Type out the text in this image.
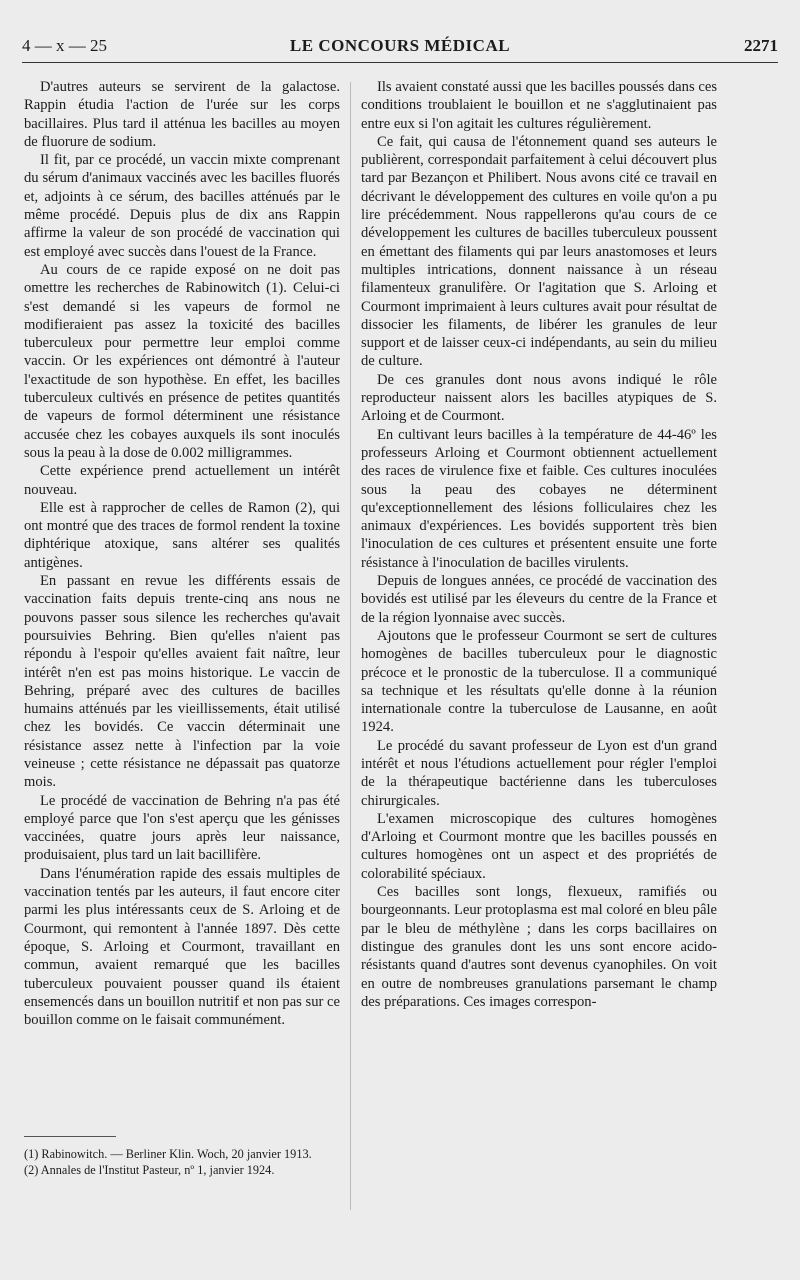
4 — x — 25	LE CONCOURS MÉDICAL	2271

D'autres auteurs se servirent de la galactose. Rappin étudia l'action de l'urée sur les corps bacillaires. Plus tard il atténua les bacilles au moyen de fluorure de sodium.

Il fit, par ce procédé, un vaccin mixte comprenant du sérum d'animaux vaccinés avec les bacilles fluorés et, adjoints à ce sérum, des bacilles atténués par le même procédé. Depuis plus de dix ans Rappin affirme la valeur de son procédé de vaccination qui est employé avec succès dans l'ouest de la France.

Au cours de ce rapide exposé on ne doit pas omettre les recherches de Rabinowitch (1). Celui-ci s'est demandé si les vapeurs de formol ne modifieraient pas assez la toxicité des bacilles tuberculeux pour permettre leur emploi comme vaccin. Or les expériences ont démontré à l'auteur l'exactitude de son hypothèse. En effet, les bacilles tuberculeux cultivés en présence de petites quantités de vapeurs de formol déterminent une résistance accusée chez les cobayes auxquels ils sont inoculés sous la peau à la dose de 0.002 milligrammes.

Cette expérience prend actuellement un intérêt nouveau.

Elle est à rapprocher de celles de Ramon (2), qui ont montré que des traces de formol rendent la toxine diphtérique atoxique, sans altérer ses qualités antigènes.

En passant en revue les différents essais de vaccination faits depuis trente-cinq ans nous ne pouvons passer sous silence les recherches qu'avait poursuivies Behring. Bien qu'elles n'aient pas répondu à l'espoir qu'elles avaient fait naître, leur intérêt n'en est pas moins historique. Le vaccin de Behring, préparé avec des cultures de bacilles humains atténués par les vieillissements, était utilisé chez les bovidés. Ce vaccin déterminait une résistance assez nette à l'infection par la voie veineuse ; cette résistance ne dépassait pas quatorze mois.

Le procédé de vaccination de Behring n'a pas été employé parce que l'on s'est aperçu que les génisses vaccinées, quatre jours après leur naissance, produisaient, plus tard un lait bacillifère.

Dans l'énumération rapide des essais multiples de vaccination tentés par les auteurs, il faut encore citer parmi les plus intéressants ceux de S. Arloing et de Courmont, qui remontent à l'année 1897. Dès cette époque, S. Arloing et Courmont, travaillant en commun, avaient remarqué que les bacilles tuberculeux pouvaient pousser quand ils étaient ensemencés dans un bouillon nutritif et non pas sur ce bouillon comme on le faisait communément.

Ils avaient constaté aussi que les bacilles poussés dans ces conditions troublaient le bouillon et ne s'agglutinaient pas entre eux si l'on agitait les cultures régulièrement.

Ce fait, qui causa de l'étonnement quand ses auteurs le publièrent, correspondait parfaitement à celui découvert plus tard par Bezançon et Philibert. Nous avons cité ce travail en décrivant le développement des cultures en voile qu'on a pu lire précédemment. Nous rappellerons qu'au cours de ce développement les cultures de bacilles tuberculeux poussent en émettant des filaments qui par leurs anastomoses et leurs multiples intrications, donnent naissance à un réseau filamenteux granulifère. Or l'agitation que S. Arloing et Courmont imprimaient à leurs cultures avait pour résultat de dissocier les filaments, de libérer les granules de leur support et de laisser ceux-ci indépendants, au sein du milieu de culture.

De ces granules dont nous avons indiqué le rôle reproducteur naissent alors les bacilles atypiques de S. Arloing et de Courmont.

En cultivant leurs bacilles à la température de 44-46º les professeurs Arloing et Courmont obtiennent actuellement des races de virulence fixe et faible. Ces cultures inoculées sous la peau des cobayes ne déterminent qu'exceptionnellement des lésions folliculaires chez les animaux d'expériences. Les bovidés supportent très bien l'inoculation de ces cultures et présentent ensuite une forte résistance à l'inoculation de bacilles virulents.

Depuis de longues années, ce procédé de vaccination des bovidés est utilisé par les éleveurs du centre de la France et de la région lyonnaise avec succès.

Ajoutons que le professeur Courmont se sert de cultures homogènes de bacilles tuberculeux pour le diagnostic précoce et le pronostic de la tuberculose. Il a communiqué sa technique et les résultats qu'elle donne à la réunion internationale contre la tuberculose de Lausanne, en août 1924.

Le procédé du savant professeur de Lyon est d'un grand intérêt et nous l'étudions actuellement pour régler l'emploi de la thérapeutique bactérienne dans les tuberculoses chirurgicales.

L'examen microscopique des cultures homogènes d'Arloing et Courmont montre que les bacilles poussés en cultures homogènes ont un aspect et des propriétés de colorabilité spéciaux.

Ces bacilles sont longs, flexueux, ramifiés ou bourgeonnants. Leur protoplasma est mal coloré en bleu pâle par le bleu de méthylène ; dans les corps bacillaires on distingue des granules dont les uns sont encore acido-résistants quand d'autres sont devenus cyanophiles. On voit en outre de nombreuses granulations parsemant le champ des préparations. Ces images correspon-

(1) Rabinowitch. — Berliner Klin. Woch, 20 janvier 1913.

(2) Annales de l'Institut Pasteur, nº 1, janvier 1924.
